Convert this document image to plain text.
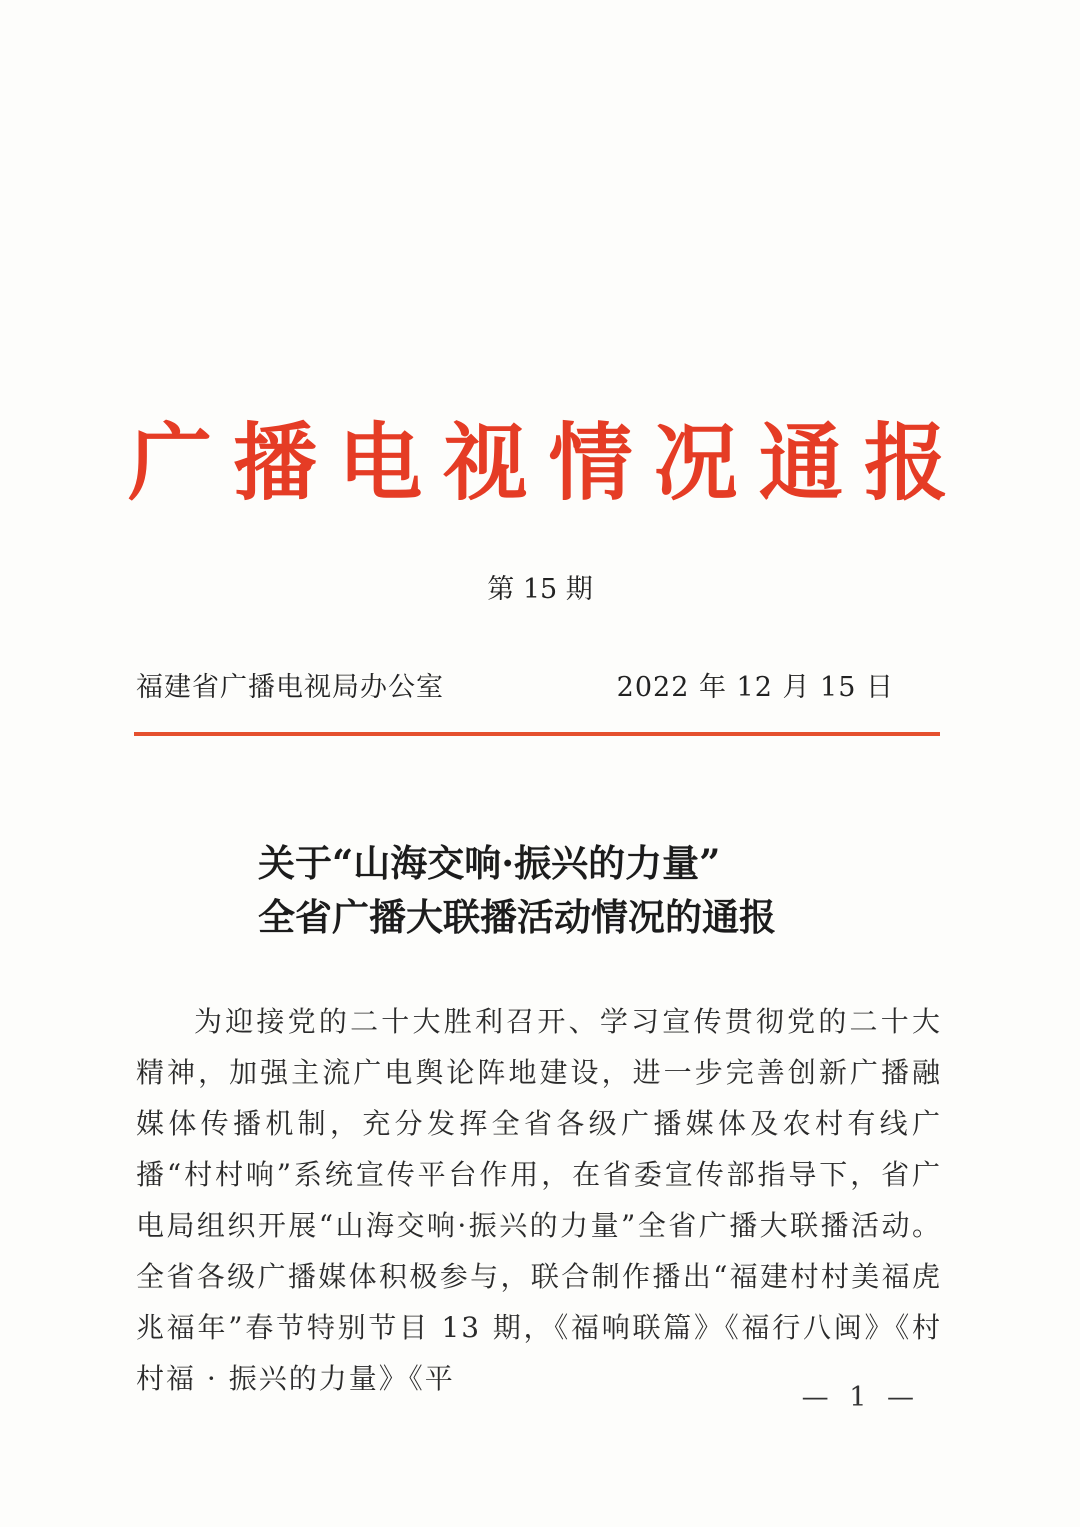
广 播 电 视 情 况 通 报
第 15 期
福建省广播电视局办公室	2022 年 12 月 15 日
关于“山海交响·振兴的力量”
全省广播大联播活动情况的通报
为迎接党的二十大胜利召开、学习宣传贯彻党的二十大精神，加强主流广电舆论阵地建设，进一步完善创新广播融媒体传播机制，充分发挥全省各级广播媒体及农村有线广播“村村响”系统宣传平台作用，在省委宣传部指导下，省广电局组织开展“山海交响·振兴的力量”全省广播大联播活动。全省各级广播媒体积极参与，联合制作播出“福建村村美福虎兆福年”春节特别节目 13 期，《福响联篇》《福行八闽》《村村福 · 振兴的力量》《平
— 1 —
